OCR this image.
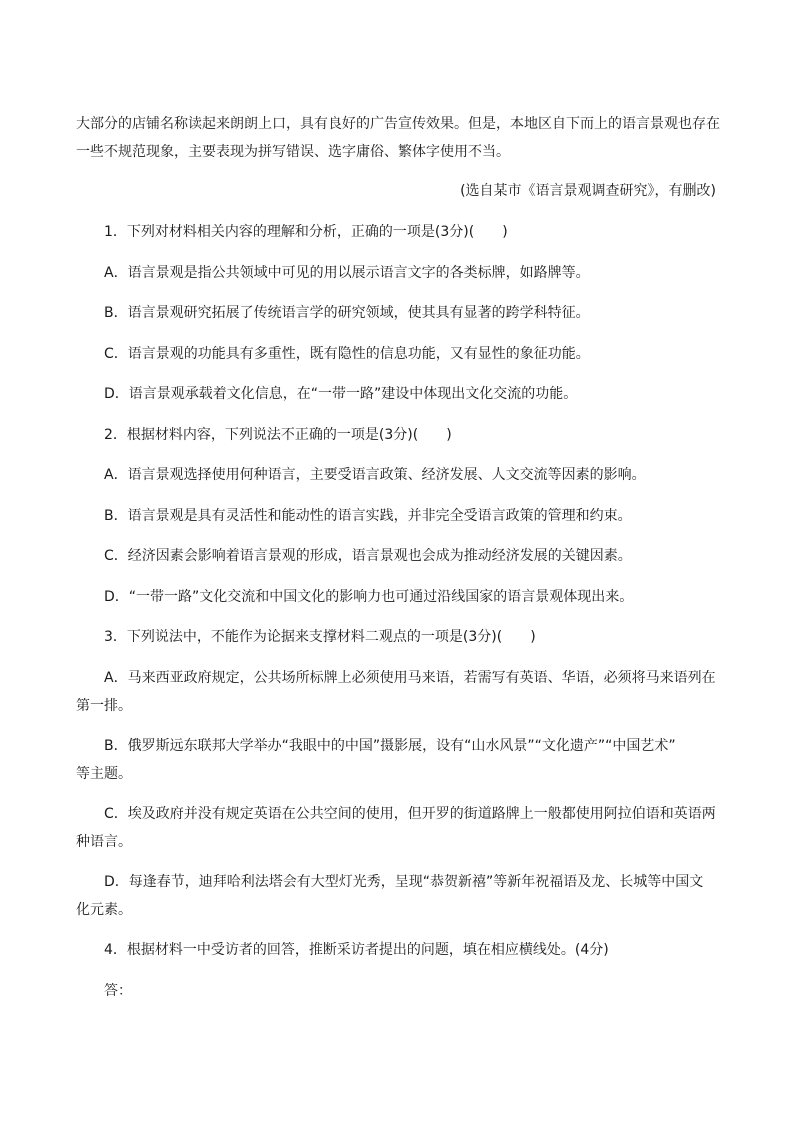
大部分的店铺名称读起来朗朗上口，具有良好的广告宣传效果。但是，本地区自下而上的语言景观也存在
一些不规范现象，主要表现为拼写错误、选字庸俗、繁体字使用不当。
(选自某市《语言景观调查研究》，有删改)
1．下列对材料相关内容的理解和分析，正确的一项是(3分)(　　)
A．语言景观是指公共领域中可见的用以展示语言文字的各类标牌，如路牌等。
B．语言景观研究拓展了传统语言学的研究领域，使其具有显著的跨学科特征。
C．语言景观的功能具有多重性，既有隐性的信息功能，又有显性的象征功能。
D．语言景观承载着文化信息，在“一带一路”建设中体现出文化交流的功能。
2．根据材料内容，下列说法不正确的一项是(3分)(　　)
A．语言景观选择使用何种语言，主要受语言政策、经济发展、人文交流等因素的影响。
B．语言景观是具有灵活性和能动性的语言实践，并非完全受语言政策的管理和约束。
C．经济因素会影响着语言景观的形成，语言景观也会成为推动经济发展的关键因素。
D．“一带一路”文化交流和中国文化的影响力也可通过沿线国家的语言景观体现出来。
3．下列说法中，不能作为论据来支撑材料二观点的一项是(3分)(　　)
A．马来西亚政府规定，公共场所标牌上必须使用马来语，若需写有英语、华语，必须将马来语列在
第一排。
B．俄罗斯远东联邦大学举办“我眼中的中国”摄影展，设有“山水风景”“文化遗产”“中国艺术”
等主题。
C．埃及政府并没有规定英语在公共空间的使用，但开罗的街道路牌上一般都使用阿拉伯语和英语两
种语言。
D．每逢春节，迪拜哈利法塔会有大型灯光秀，呈现“恭贺新禧”等新年祝福语及龙、长城等中国文
化元素。
4．根据材料一中受访者的回答，推断采访者提出的问题，填在相应横线处。(4分)
答：
